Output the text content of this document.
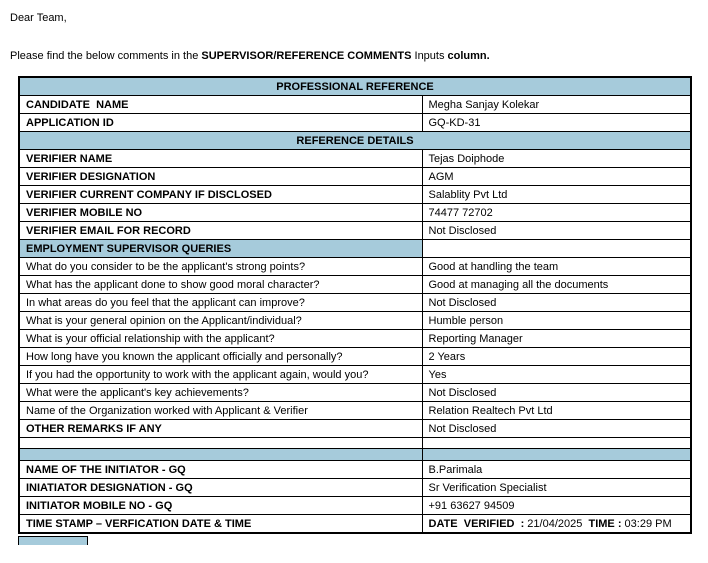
Dear Team,

Please find the below comments in the SUPERVISOR/REFERENCE COMMENTS Inputs column.

PROFESSIONAL REFERENCE	
CANDIDATE  NAME	Megha Sanjay Kolekar
APPLICATION ID	GQ-KD-31
REFERENCE DETAILS	
VERIFIER NAME	Tejas Doiphode
VERIFIER DESIGNATION	AGM
VERIFIER CURRENT COMPANY IF DISCLOSED	Salablity Pvt Ltd
VERIFIER MOBILE NO	74477 72702
VERIFIER EMAIL FOR RECORD	Not Disclosed
EMPLOYMENT SUPERVISOR QUERIES	
What do you consider to be the applicant's strong points?	Good at handling the team
What has the applicant done to show good moral character?	Good at managing all the documents
In what areas do you feel that the applicant can improve?	Not Disclosed
What is your general opinion on the Applicant/individual?	Humble person
What is your official relationship with the applicant?	Reporting Manager
How long have you known the applicant officially and personally?	2 Years
If you had the opportunity to work with the applicant again, would you?	Yes
What were the applicant's key achievements?	Not Disclosed
Name of the Organization worked with Applicant & Verifier	Relation Realtech Pvt Ltd
OTHER REMARKS IF ANY	Not Disclosed

NAME OF THE INITIATOR - GQ	B.Parimala
INIATIATOR DESIGNATION - GQ	Sr Verification Specialist
INITIATOR MOBILE NO - GQ	+91 63627 94509
TIME STAMP – VERFICATION DATE & TIME	DATE  VERIFIED  : 21/04/2025  TIME : 03:29 PM
